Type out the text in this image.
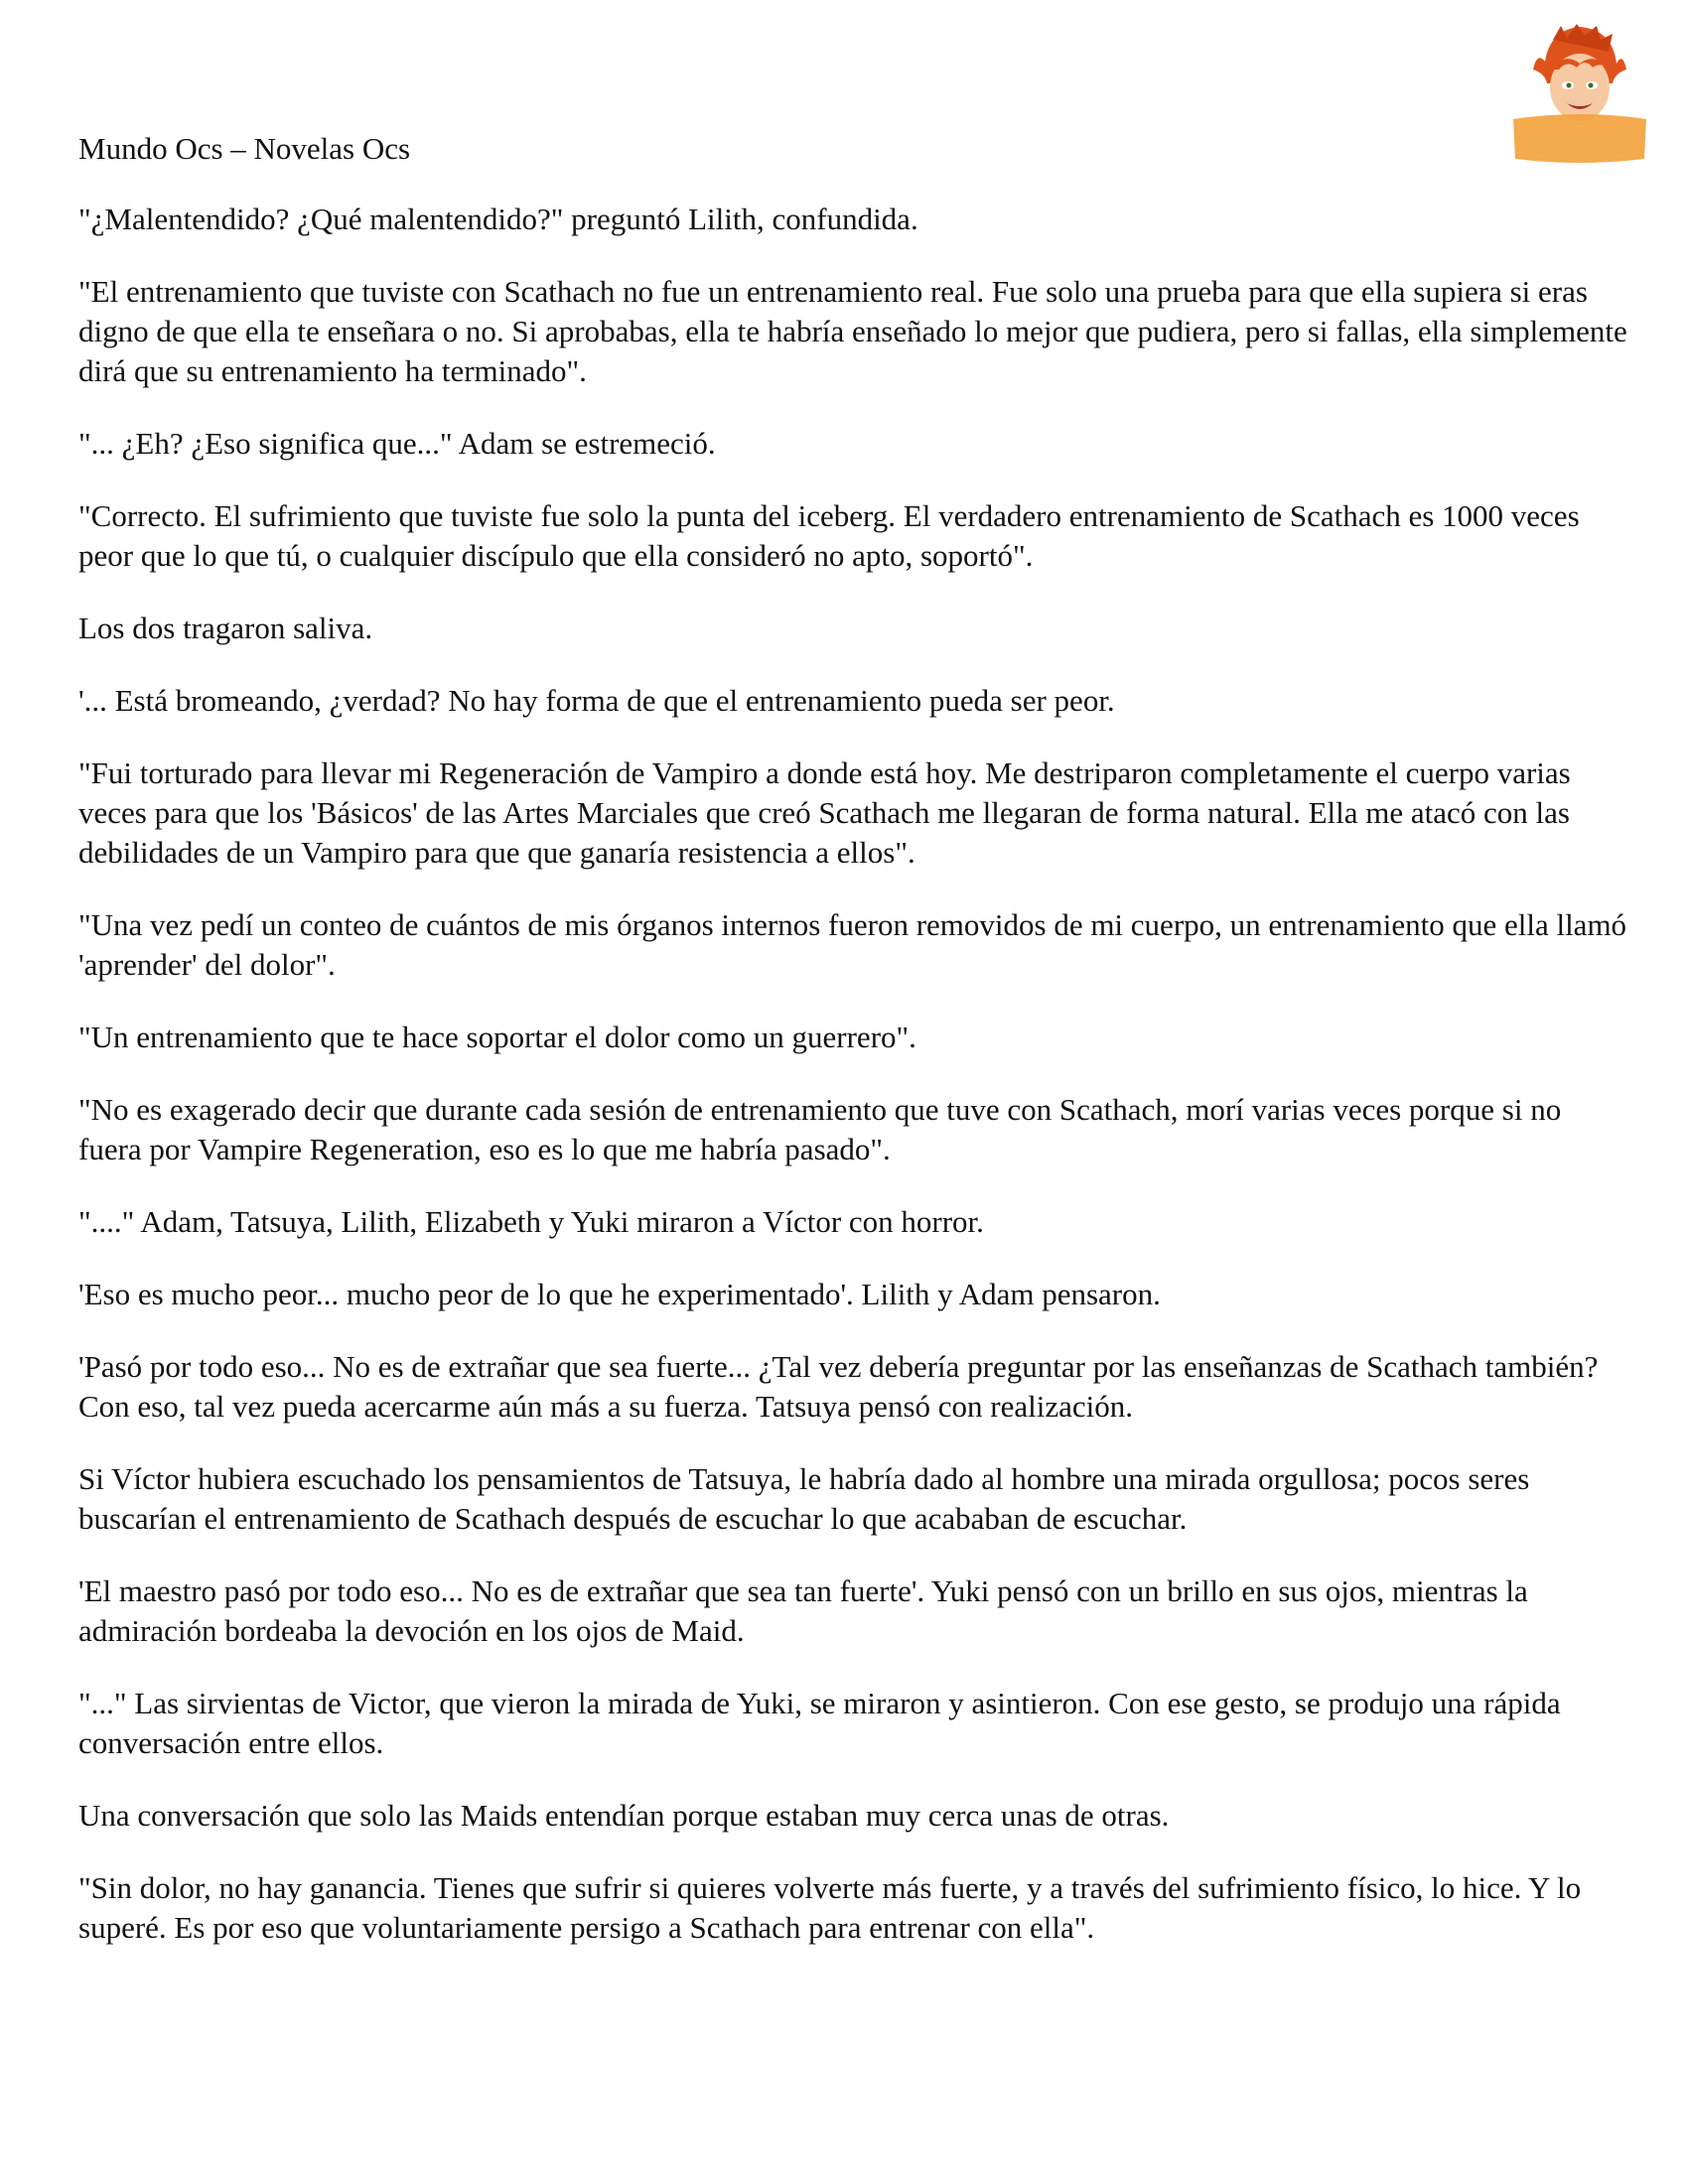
Mundo Ocs – Novelas Ocs

"¿Malentendido? ¿Qué malentendido?" preguntó Lilith, confundida.

"El entrenamiento que tuviste con Scathach no fue un entrenamiento real. Fue solo una prueba para que ella supiera si eras digno de que ella te enseñara o no. Si aprobabas, ella te habría enseñado lo mejor que pudiera, pero si fallas, ella simplemente dirá que su entrenamiento ha terminado".

"... ¿Eh? ¿Eso significa que..." Adam se estremeció.

"Correcto. El sufrimiento que tuviste fue solo la punta del iceberg. El verdadero entrenamiento de Scathach es 1000 veces peor que lo que tú, o cualquier discípulo que ella consideró no apto, soportó".

Los dos tragaron saliva.

'... Está bromeando, ¿verdad? No hay forma de que el entrenamiento pueda ser peor.

"Fui torturado para llevar mi Regeneración de Vampiro a donde está hoy. Me destriparon completamente el cuerpo varias veces para que los 'Básicos' de las Artes Marciales que creó Scathach me llegaran de forma natural. Ella me atacó con las debilidades de un Vampiro para que que ganaría resistencia a ellos".

"Una vez pedí un conteo de cuántos de mis órganos internos fueron removidos de mi cuerpo, un entrenamiento que ella llamó 'aprender' del dolor".

"Un entrenamiento que te hace soportar el dolor como un guerrero".

"No es exagerado decir que durante cada sesión de entrenamiento que tuve con Scathach, morí varias veces porque si no fuera por Vampire Regeneration, eso es lo que me habría pasado".

"...." Adam, Tatsuya, Lilith, Elizabeth y Yuki miraron a Víctor con horror.

'Eso es mucho peor... mucho peor de lo que he experimentado'. Lilith y Adam pensaron.

'Pasó por todo eso... No es de extrañar que sea fuerte... ¿Tal vez debería preguntar por las enseñanzas de Scathach también? Con eso, tal vez pueda acercarme aún más a su fuerza. Tatsuya pensó con realización.

Si Víctor hubiera escuchado los pensamientos de Tatsuya, le habría dado al hombre una mirada orgullosa; pocos seres buscarían el entrenamiento de Scathach después de escuchar lo que acababan de escuchar.

'El maestro pasó por todo eso... No es de extrañar que sea tan fuerte'. Yuki pensó con un brillo en sus ojos, mientras la admiración bordeaba la devoción en los ojos de Maid.

"..." Las sirvientas de Victor, que vieron la mirada de Yuki, se miraron y asintieron. Con ese gesto, se produjo una rápida conversación entre ellos.

Una conversación que solo las Maids entendían porque estaban muy cerca unas de otras.

"Sin dolor, no hay ganancia. Tienes que sufrir si quieres volverte más fuerte, y a través del sufrimiento físico, lo hice. Y lo superé. Es por eso que voluntariamente persigo a Scathach para entrenar con ella".
